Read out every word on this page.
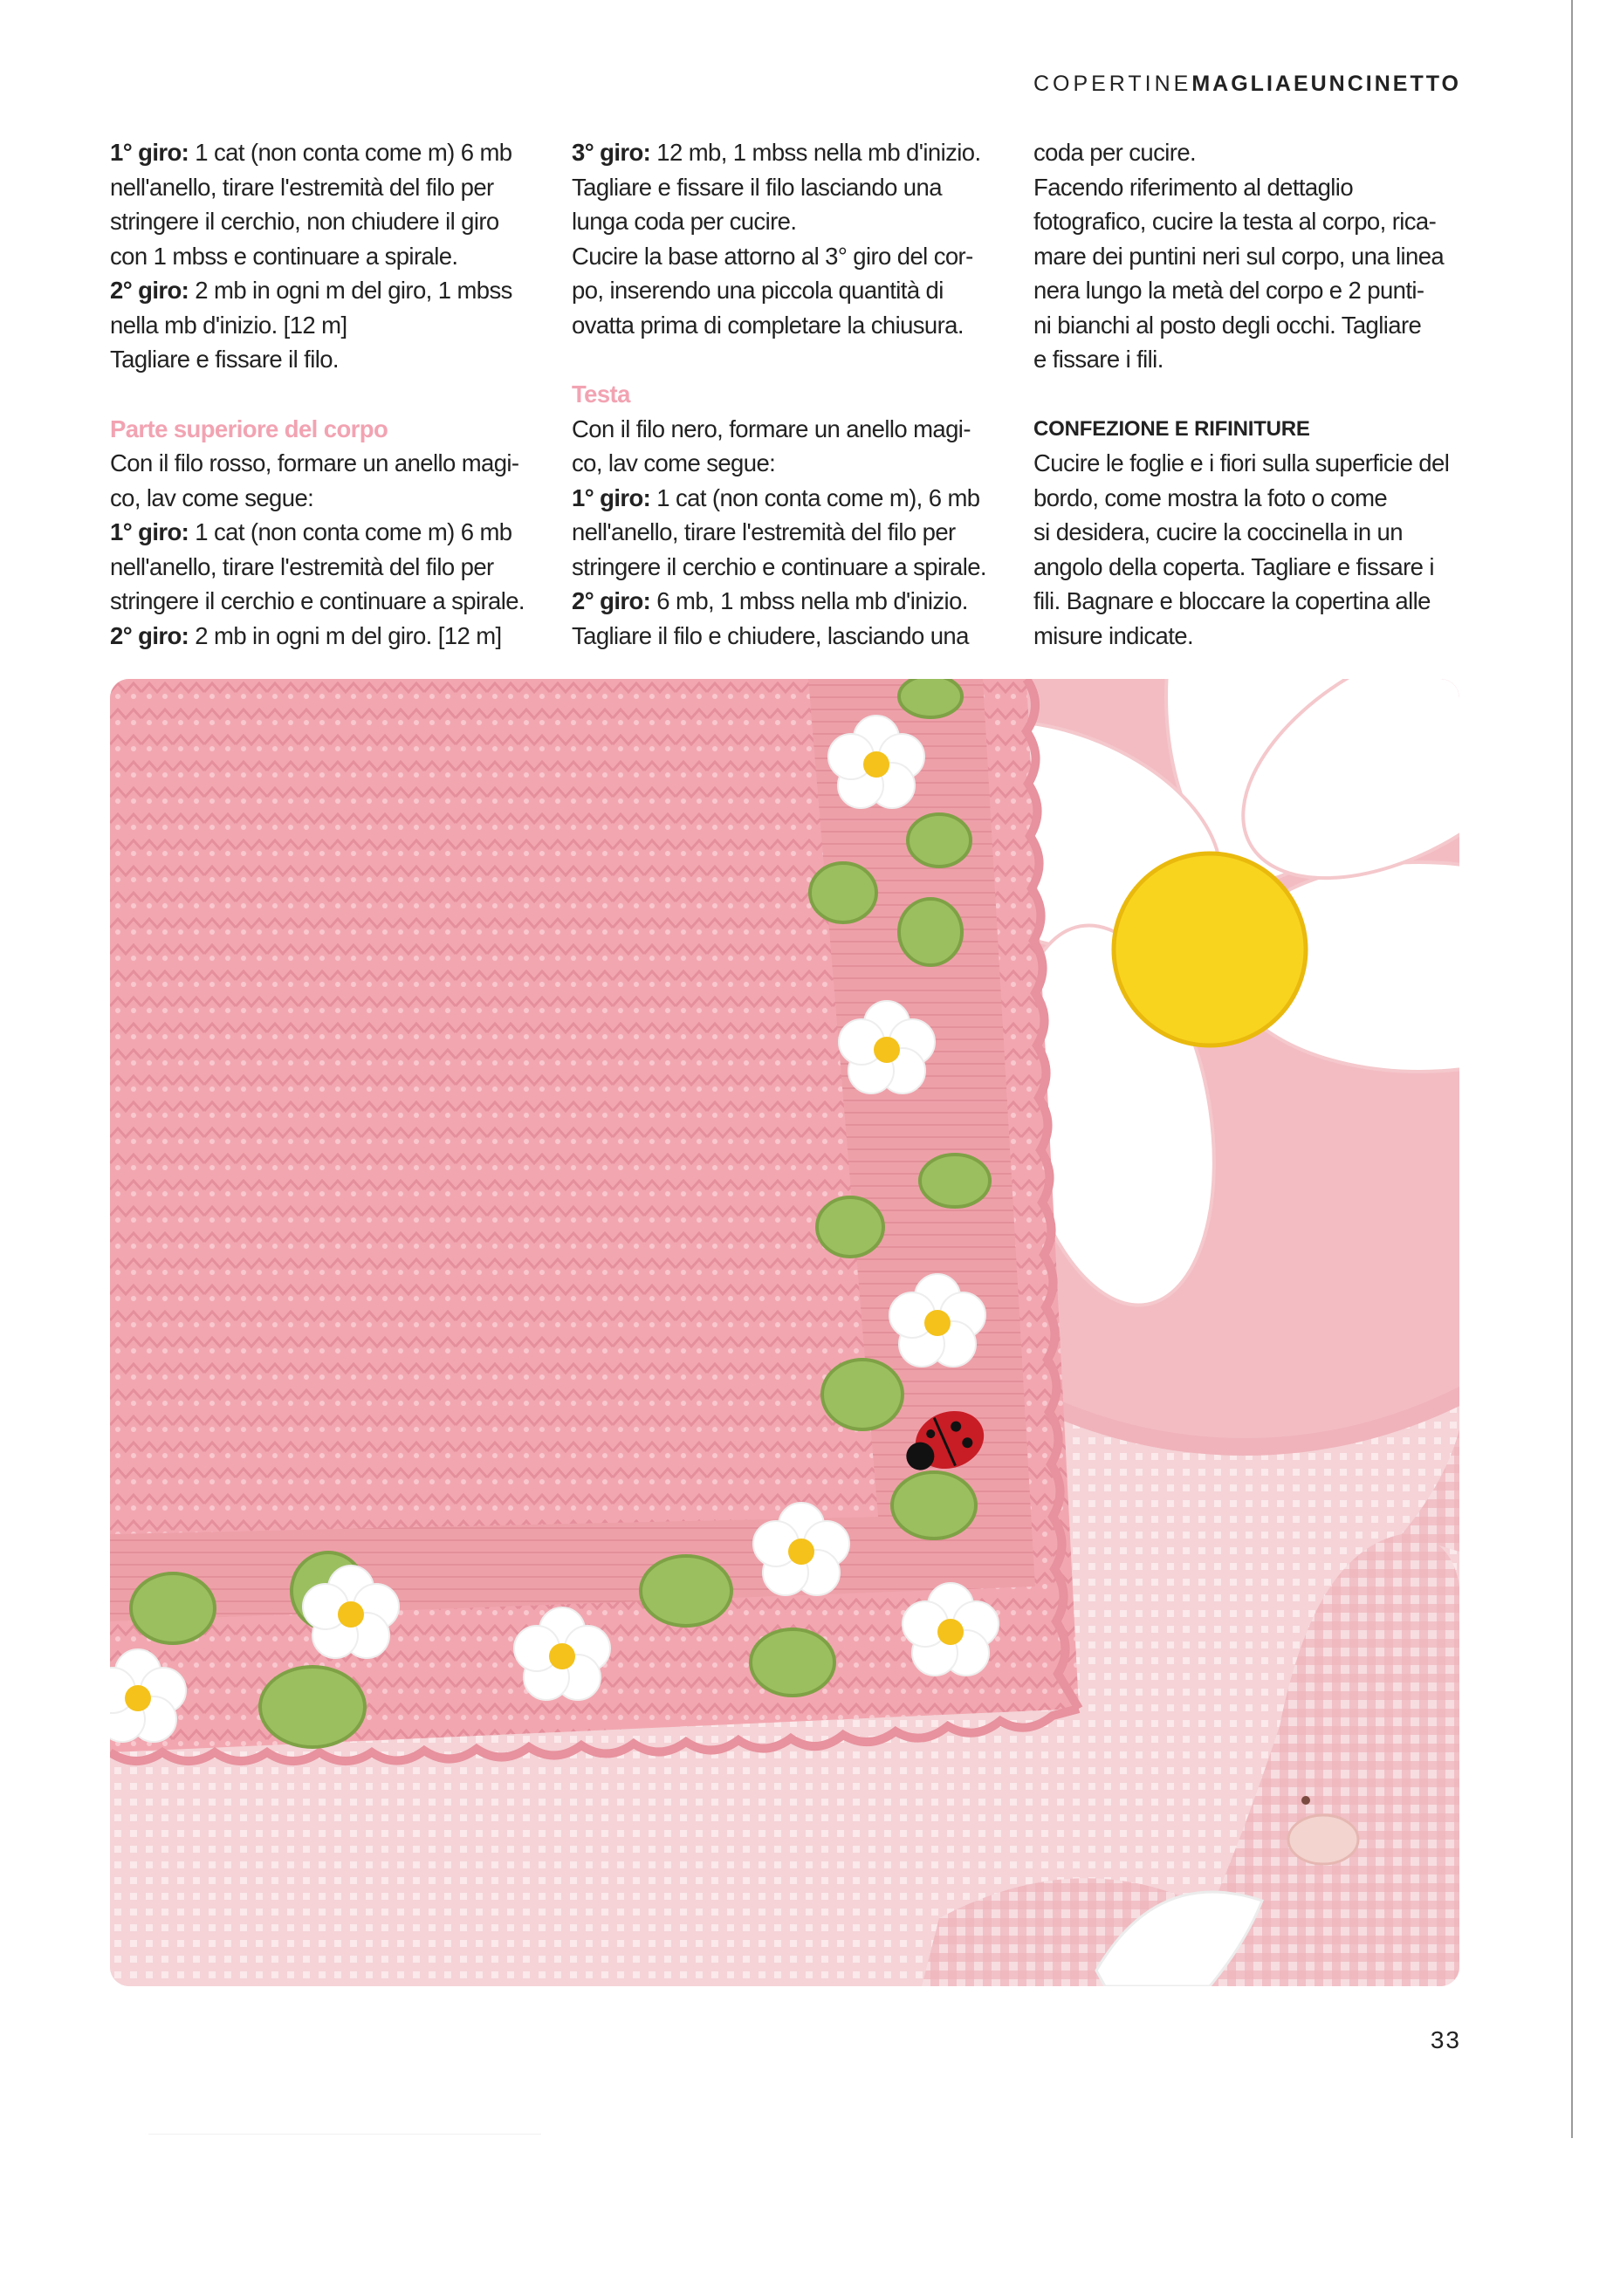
COPERTINEMAGLIAEUNCINETTO

1° giro: 1 cat (non conta come m) 6 mb
nell'anello, tirare l'estremità del filo per
stringere il cerchio, non chiudere il giro
con 1 mbss e continuare a spirale.

2° giro: 2 mb in ogni m del giro, 1 mbss
nella mb d'inizio. [12 m]

Tagliare e fissare il filo.

Parte superiore del corpo

Con il filo rosso, formare un anello magi-
co, lav come segue:

1° giro: 1 cat (non conta come m) 6 mb
nell'anello, tirare l'estremità del filo per
stringere il cerchio e continuare a spirale.

2° giro: 2 mb in ogni m del giro. [12 m]

3° giro: 12 mb, 1 mbss nella mb d'inizio.
Tagliare e fissare il filo lasciando una
lunga coda per cucire.

Cucire la base attorno al 3° giro del cor-
po, inserendo una piccola quantità di
ovatta prima di completare la chiusura.

Testa

Con il filo nero, formare un anello magi-
co, lav come segue:

1° giro: 1 cat (non conta come m), 6 mb
nell'anello, tirare l'estremità del filo per
stringere il cerchio e continuare a spirale.

2° giro: 6 mb, 1 mbss nella mb d'inizio.

Tagliare il filo e chiudere, lasciando una

coda per cucire.

Facendo riferimento al dettaglio
fotografico, cucire la testa al corpo, rica-
mare dei puntini neri sul corpo, una linea
nera lungo la metà del corpo e 2 punti-
ni bianchi al posto degli occhi. Tagliare
e fissare i fili.

CONFEZIONE E RIFINITURE

Cucire le foglie e i fiori sulla superficie del
bordo, come mostra la foto o come
si desidera, cucire la coccinella in un
angolo della coperta. Tagliare e fissare i
fili. Bagnare e bloccare la copertina alle
misure indicate.

33
